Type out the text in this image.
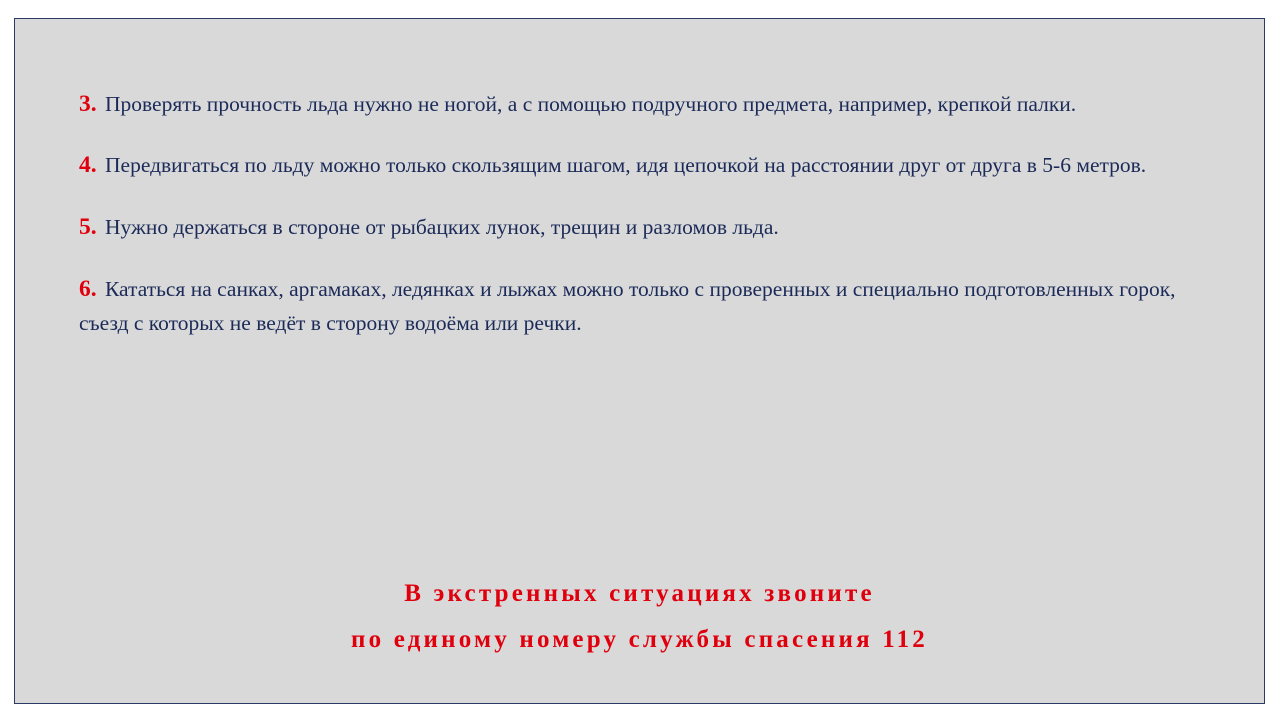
3. Проверять прочность льда нужно не ногой, а с помощью подручного предмета, например, крепкой палки.

4. Передвигаться по льду можно только скользящим шагом, идя цепочкой на расстоянии друг от друга в 5-6 метров.

5. Нужно держаться в стороне от рыбацких лунок, трещин и разломов льда.

6. Кататься на санках, аргамаках, ледянках и лыжах можно только с проверенных и специально подготовленных горок, съезд с которых не ведёт в сторону водоёма или речки.

В экстренных ситуациях звоните
по единому номеру службы спасения 112
